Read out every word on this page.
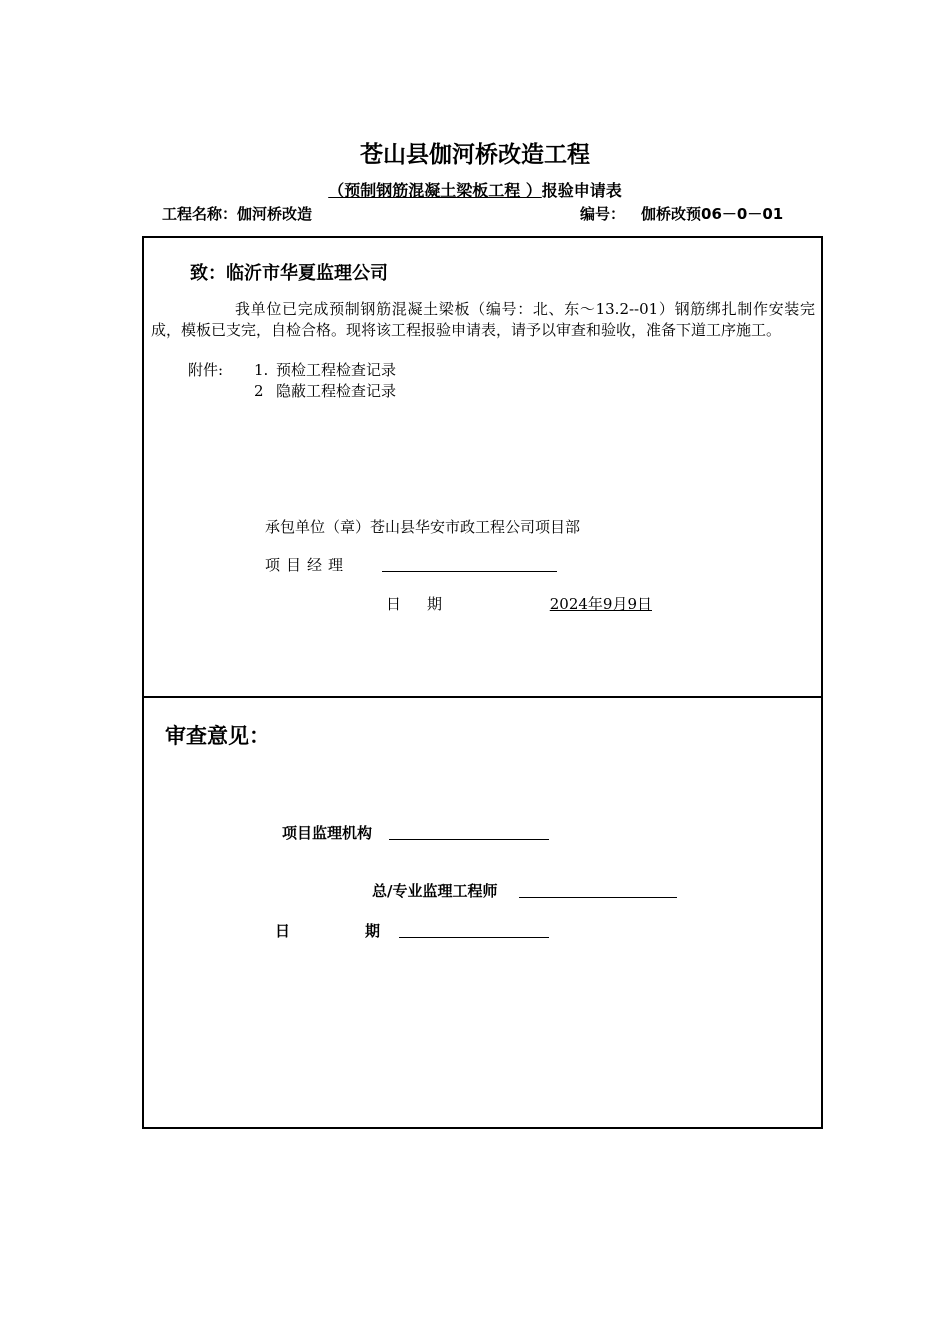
苍山县伽河桥改造工程
（预制钢筋混凝土梁板工程 ）报验申请表
工程名称：伽河桥改造	编号： 伽桥改预06－0－01
致：临沂市华夏监理公司
我单位已完成预制钢筋混凝土梁板（编号：北、东～13.2--01）钢筋绑扎制作安装完成，模板已支完，自检合格。现将该工程报验申请表，请予以审查和验收，准备下道工序施工。
附件: 1. 预检工程检查记录
2 隐蔽工程检查记录
承包单位（章）苍山县华安市政工程公司项目部
项目经理
日 期	2024年9月9日
审查意见：
项目监理机构
总/专业监理工程师
日	期
